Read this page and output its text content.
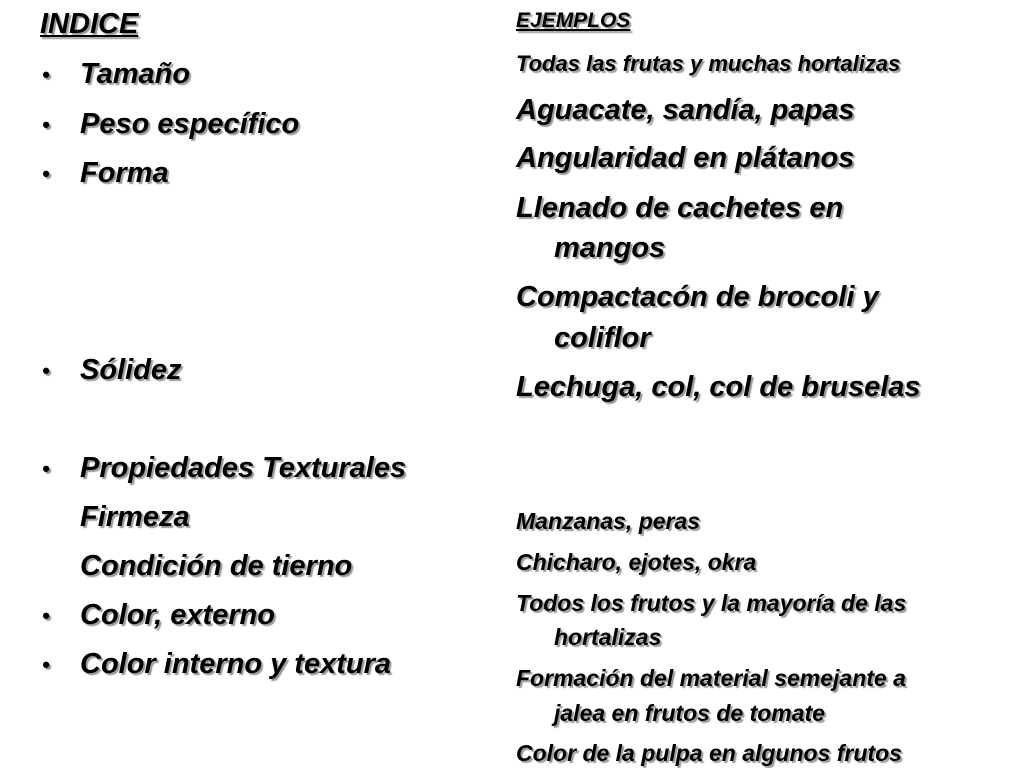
INDICE
• Tamaño
• Peso específico
• Forma
• Sólidez
• Propiedades Texturales
Firmeza
Condición de tierno
• Color, externo
• Color interno y textura
EJEMPLOS
Todas las frutas y muchas hortalizas
Aguacate, sandía, papas
Angularidad en plátanos
Llenado de cachetes en
mangos
Compactacón de brocoli y
coliflor
Lechuga, col, col de bruselas
Manzanas, peras
Chicharo, ejotes, okra
Todos los frutos y la mayoría de las
hortalizas
Formación del material semejante a
jalea en frutos de tomate
Color de la pulpa en algunos frutos
